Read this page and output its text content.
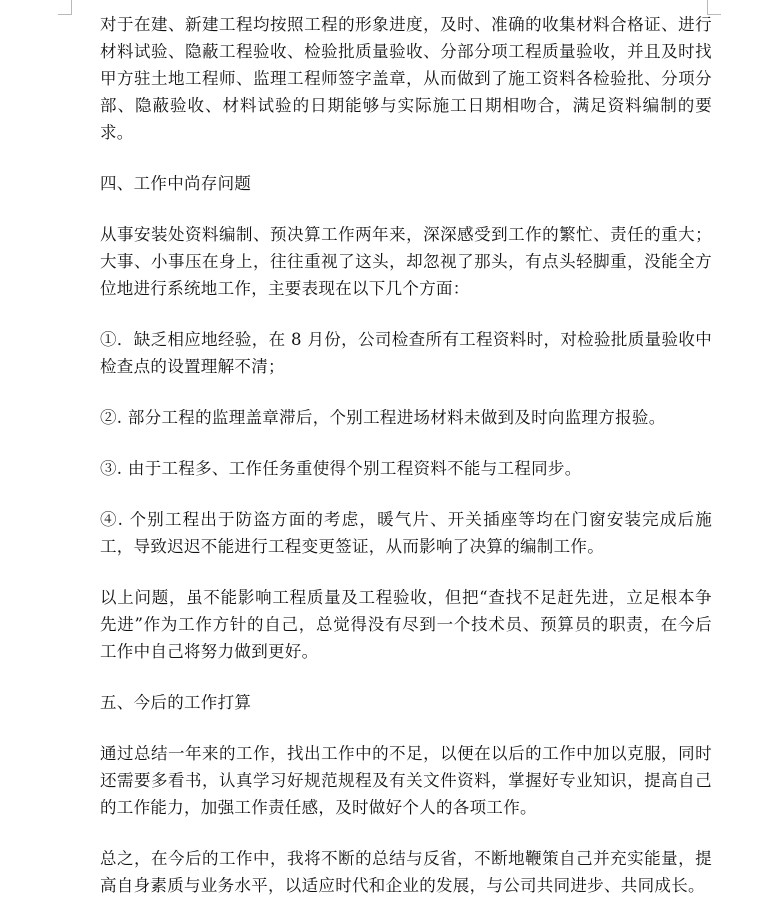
对于在建、新建工程均按照工程的形象进度，及时、准确的收集材料合格证、进行材料试验、隐蔽工程验收、检验批质量验收、分部分项工程质量验收，并且及时找甲方驻土地工程师、监理工程师签字盖章，从而做到了施工资料各检验批、分项分部、隐蔽验收、材料试验的日期能够与实际施工日期相吻合，满足资料编制的要求。

四、工作中尚存问题

从事安装处资料编制、预决算工作两年来，深深感受到工作的繁忙、责任的重大；大事、小事压在身上，往往重视了这头，却忽视了那头，有点头轻脚重，没能全方位地进行系统地工作，主要表现在以下几个方面：

①．缺乏相应地经验，在 8 月份，公司检查所有工程资料时，对检验批质量验收中检查点的设置理解不清；

②. 部分工程的监理盖章滞后，个别工程进场材料未做到及时向监理方报验。

③. 由于工程多、工作任务重使得个别工程资料不能与工程同步。

④. 个别工程出于防盗方面的考虑，暖气片、开关插座等均在门窗安装完成后施工，导致迟迟不能进行工程变更签证，从而影响了决算的编制工作。

以上问题，虽不能影响工程质量及工程验收，但把“查找不足赶先进，立足根本争先进”作为工作方针的自己，总觉得没有尽到一个技术员、预算员的职责，在今后工作中自己将努力做到更好。

五、今后的工作打算

通过总结一年来的工作，找出工作中的不足，以便在以后的工作中加以克服，同时还需要多看书，认真学习好规范规程及有关文件资料，掌握好专业知识，提高自己的工作能力，加强工作责任感，及时做好个人的各项工作。

总之，在今后的工作中，我将不断的总结与反省，不断地鞭策自己并充实能量，提高自身素质与业务水平，以适应时代和企业的发展，与公司共同进步、共同成长。
